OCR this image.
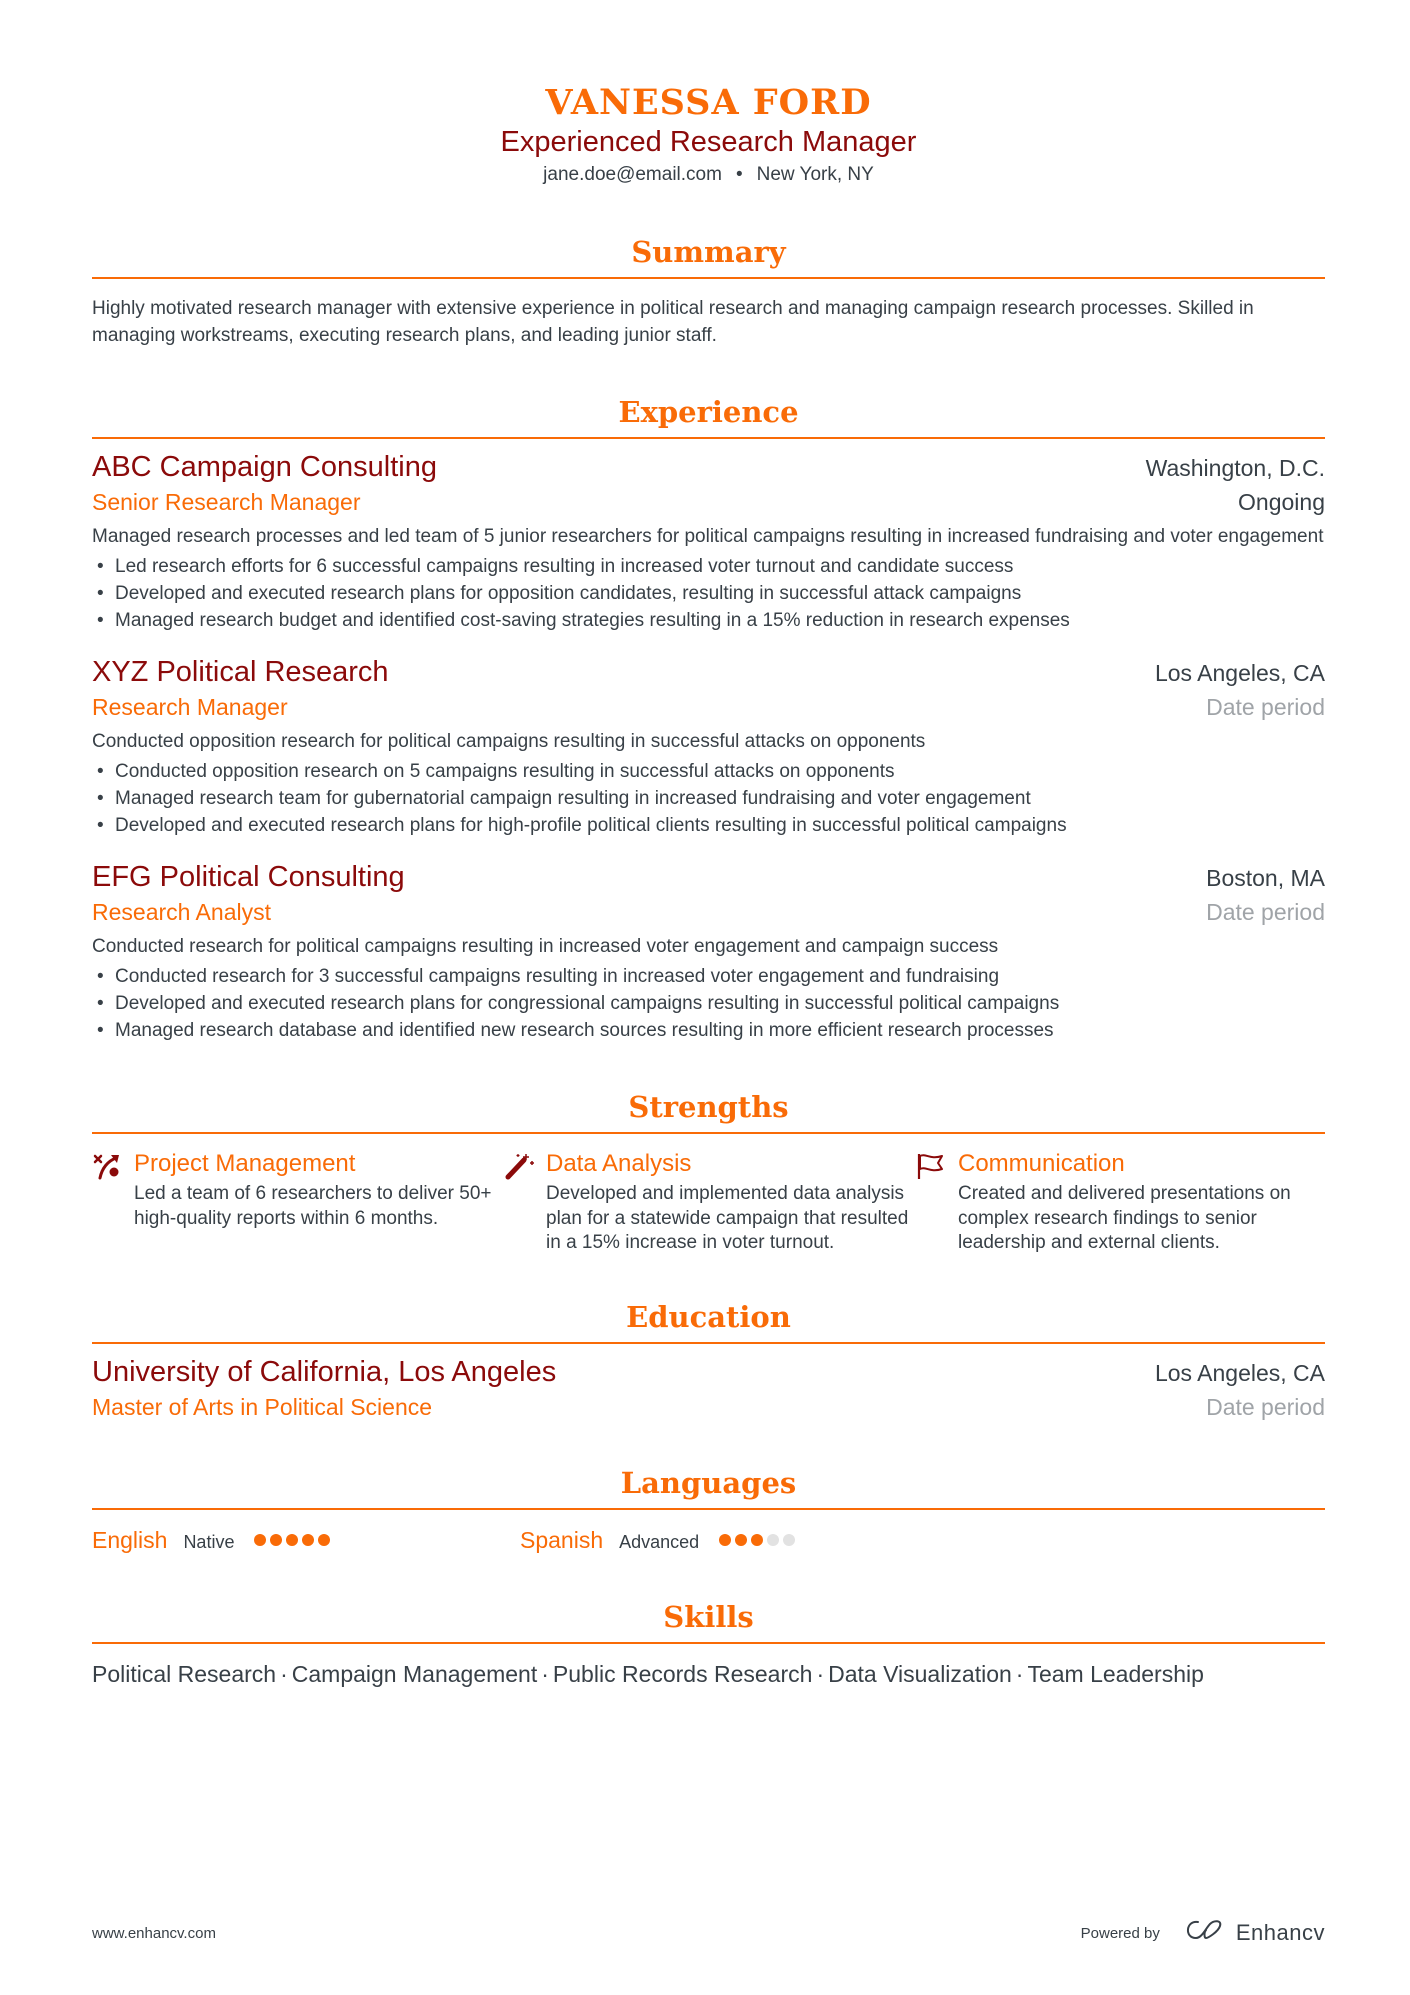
VANESSA FORD
Experienced Research Manager
jane.doe@email.com • New York, NY
Summary

Highly motivated research manager with extensive experience in political research and managing campaign research processes. Skilled in managing workstreams, executing research plans, and leading junior staff.

Experience
ABC Campaign Consulting	Washington, D.C.
Senior Research Manager	Ongoing

Managed research processes and led team of 5 junior researchers for political campaigns resulting in increased fundraising and voter engagement

• Led research efforts for 6 successful campaigns resulting in increased voter turnout and candidate success
• Developed and executed research plans for opposition candidates, resulting in successful attack campaigns
• Managed research budget and identified cost-saving strategies resulting in a 15% reduction in research expenses
XYZ Political Research	Los Angeles, CA
Research Manager	Date period

Conducted opposition research for political campaigns resulting in successful attacks on opponents

• Conducted opposition research on 5 campaigns resulting in successful attacks on opponents
• Managed research team for gubernatorial campaign resulting in increased fundraising and voter engagement
• Developed and executed research plans for high-profile political clients resulting in successful political campaigns
EFG Political Consulting	Boston, MA
Research Analyst	Date period

Conducted research for political campaigns resulting in increased voter engagement and campaign success

• Conducted research for 3 successful campaigns resulting in increased voter engagement and fundraising
• Developed and executed research plans for congressional campaigns resulting in successful political campaigns
• Managed research database and identified new research sources resulting in more efficient research processes
Strengths
Project Management
Led a team of 6 researchers to deliver 50+ high-quality reports within 6 months.
Data Analysis
Developed and implemented data analysis plan for a statewide campaign that resulted in a 15% increase in voter turnout.
Communication
Created and delivered presentations on complex research findings to senior leadership and external clients.
Education
University of California, Los Angeles	Los Angeles, CA
Master of Arts in Political Science	Date period
Languages
English Native	Spanish Advanced
Skills
Political Research · Campaign Management · Public Records Research · Data Visualization · Team Leadership
www.enhancv.com	Powered by	Enhancv
